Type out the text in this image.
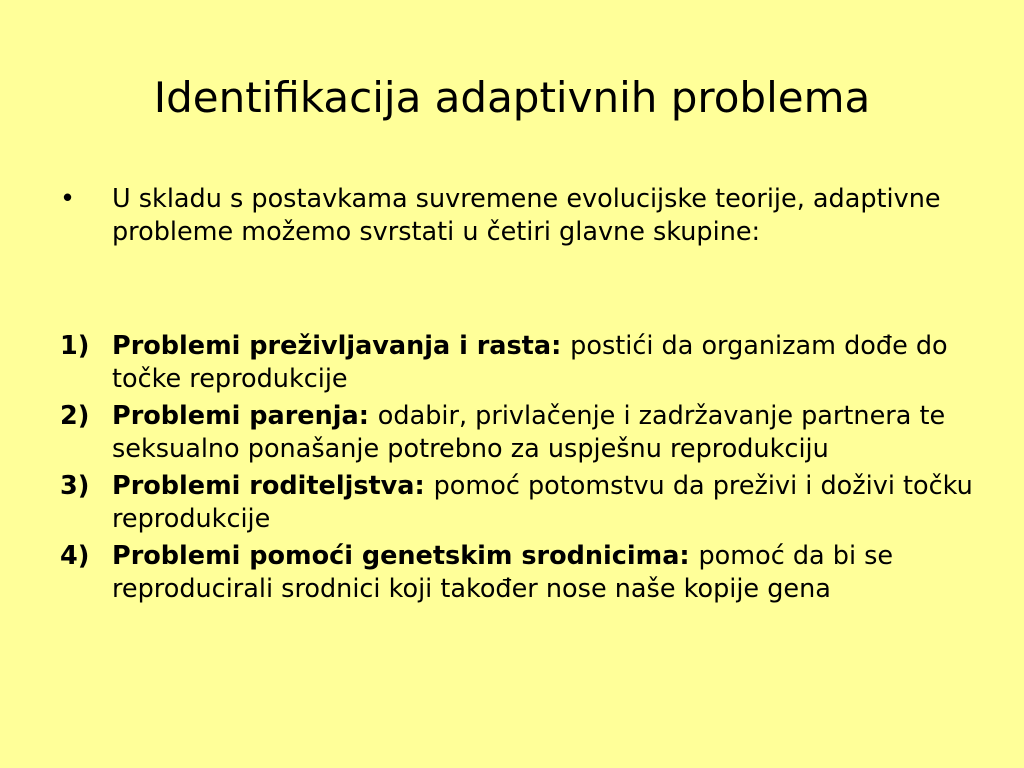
Identifikacija adaptivnih problema
• U skladu s postavkama suvremene evolucijske teorije, adaptivne probleme možemo svrstati u četiri glavne skupine:
1) Problemi preživljavanja i rasta: postići da organizam dođe do točke reprodukcije
2) Problemi parenja: odabir, privlačenje i zadržavanje partnera te seksualno ponašanje potrebno za uspješnu reprodukciju
3) Problemi roditeljstva: pomoć potomstvu da preživi i doživi točku reprodukcije
4) Problemi pomoći genetskim srodnicima: pomoć da bi se reproducirali srodnici koji također nose naše kopije gena
